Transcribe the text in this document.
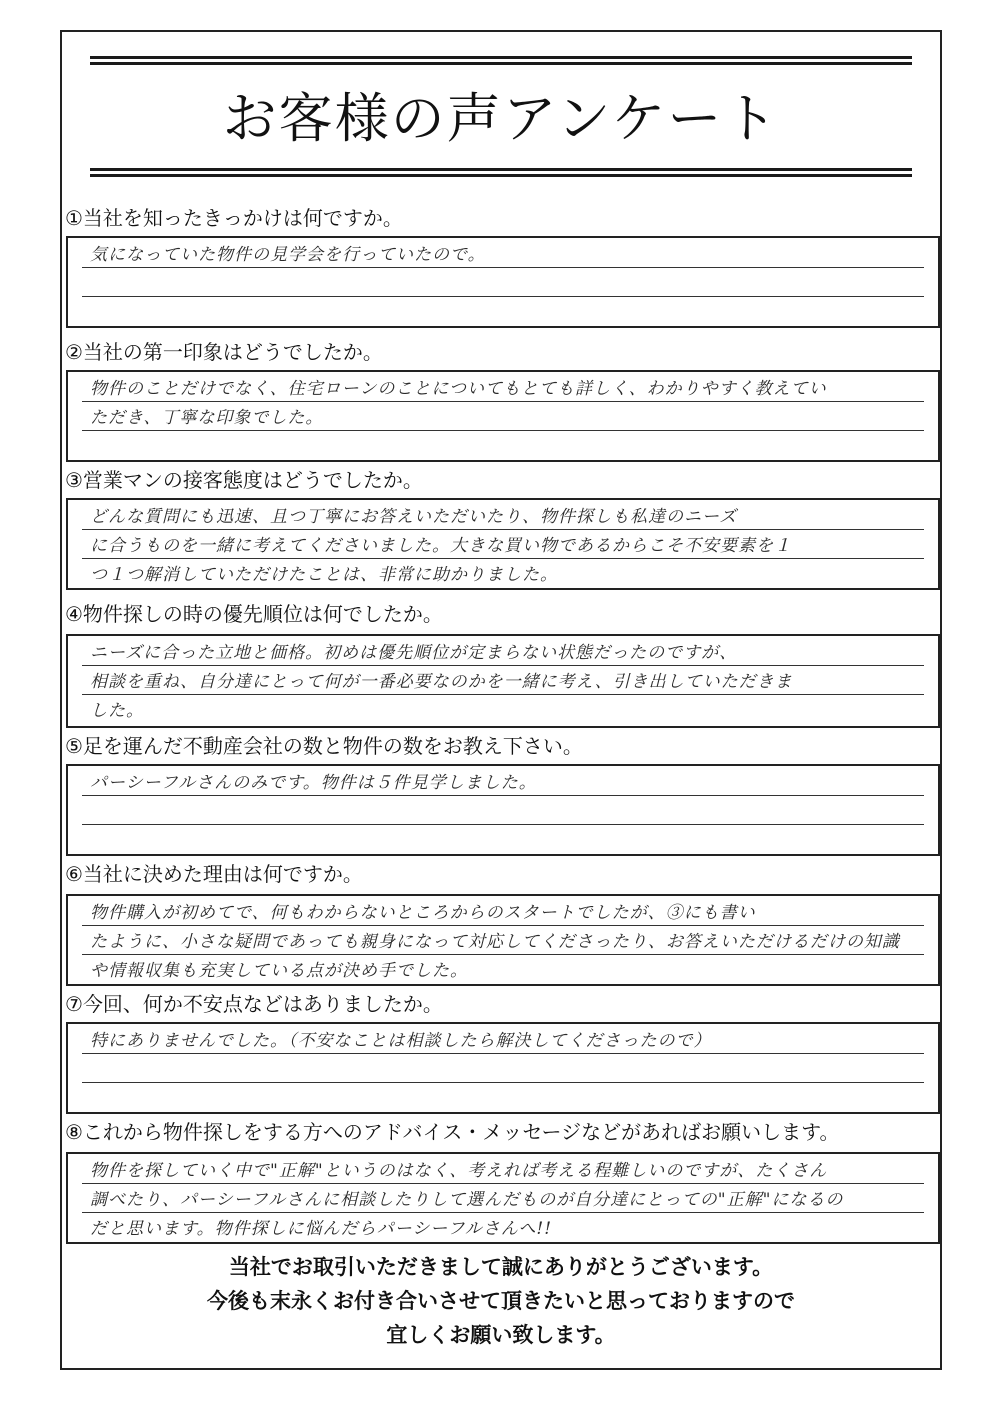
お客様の声アンケート
①当社を知ったきっかけは何ですか。
気になっていた物件の見学会を行っていたので。
②当社の第一印象はどうでしたか。
物件のことだけでなく、住宅ローンのことについてもとても詳しく、わかりやすく教えてい
ただき、丁寧な印象でした。
③営業マンの接客態度はどうでしたか。
どんな質問にも迅速、且つ丁寧にお答えいただいたり、物件探しも私達のニーズ
に合うものを一緒に考えてくださいました。大きな買い物であるからこそ不安要素を１
つ１つ解消していただけたことは、非常に助かりました。
④物件探しの時の優先順位は何でしたか。
ニーズに合った立地と価格。初めは優先順位が定まらない状態だったのですが、
相談を重ね、自分達にとって何が一番必要なのかを一緒に考え、引き出していただきま
した。
⑤足を運んだ不動産会社の数と物件の数をお教え下さい。
パーシーフルさんのみです。物件は５件見学しました。
⑥当社に決めた理由は何ですか。
物件購入が初めてで、何もわからないところからのスタートでしたが、③にも書い
たように、小さな疑問であっても親身になって対応してくださったり、お答えいただけるだけの知識
や情報収集も充実している点が決め手でした。
⑦今回、何か不安点などはありましたか。
特にありませんでした。（不安なことは相談したら解決してくださったので）
⑧これから物件探しをする方へのアドバイス・メッセージなどがあればお願いします。
物件を探していく中で"正解"というのはなく、考えれば考える程難しいのですが、たくさん
調べたり、パーシーフルさんに相談したりして選んだものが自分達にとっての"正解"になるの
だと思います。物件探しに悩んだらパーシーフルさんへ!!
当社でお取引いただきまして誠にありがとうございます。
今後も末永くお付き合いさせて頂きたいと思っておりますので
宜しくお願い致します。
